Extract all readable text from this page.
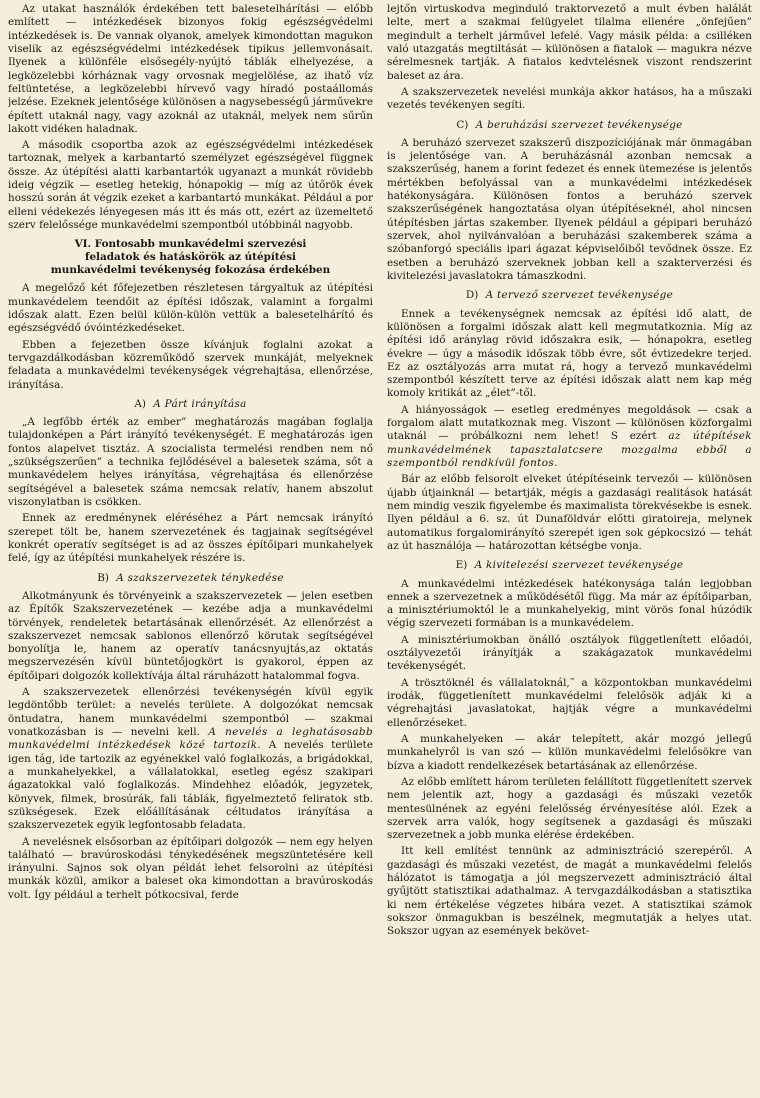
Az utakat használók érdekében tett balesetelhárítási — előbb említett — intézkedések bizonyos fokig egészségvédelmi intézkedések is. De vannak olyanok, amelyek kimondottan magukon viselik az egészségvédelmi intézkedések tipikus jellemvonásait. Ilyenek a különféle elsősegély-nyújtó táblák elhelyezése, a legközelebbi kórháznak vagy orvosnak megjelölése, az ihatő víz feltüntetése, a legközelebbi hírvevő vagy híradó postaállomás jelzése. Ezeknek jelentősége különösen a nagysebességű járművekre épített utaknál nagy, vagy azoknál az utaknál, melyek nem sűrűn lakott vidéken haladnak.

A második csoportba azok az egészségvédelmi intézkedések tartoznak, melyek a karbantartó személyzet egészségével függnek össze. Az útépítési alatti karbantartók ugyanazt a munkát rövidebb ideig végzik — esetleg hetekig, hónapokig — míg az útőrök évek hosszú során át végzik ezeket a karbantartó munkákat. Például a por elleni védekezés lényegesen más itt és más ott, ezért az üzemeltető szerv felelőssége munkavédelmi szempontból utóbbinál nagyobb.

VI. Fontosabb munkavédelmi szervezési
feladatok és hatáskörök az útépítési
munkavédelmi tevékenység fokozása érdekében

A megelőző két főfejezetben részletesen tárgyaltuk az útépítési munkavédelem teendőit az építési időszak, valamint a forgalmi időszak alatt. Ezen belül külön-külön vettük a balesetelhárító és egészségvédő óvóintézkedéseket.

Ebben a fejezetben össze kívánjuk foglalni azokat a tervgazdálkodásban közreműködő szervek munkáját, melyeknek feladata a munkavédelmi tevékenységek végrehajtása, ellenőrzése, irányítása.

A) A Párt irányítása

„A legfőbb érték az ember” meghatározás magában foglalja tulajdonképen a Párt irányító tevékenységét. E meghatározás igen fontos alapelvet tisztáz. A szocialista termelési rendben nem nő „szükségszerűen” a technika fejlődésével a balesetek száma, sőt a munkavédelem helyes irányítása, végrehajtása és ellenőrzése segítségével a balesetek száma nemcsak relatív, hanem abszolut viszonylatban is csökken.

Ennek az eredménynek eléréséhez a Párt nemcsak irányító szerepet tölt be, hanem szervezetének és tagjainak segítségével konkrét operatív segítséget is ad az összes építőipari munkahelyek felé, így az útépítési munkahelyek részére is.

B) A szakszervezetek ténykedése

Alkotmányunk és törvényeink a szakszervezetek — jelen esetben az Építők Szakszervezetének — kezébe adja a munkavédelmi törvények, rendeletek betartásának ellenőrzését. Az ellenőrzést a szakszervezet nemcsak sablonos ellenőrző körutak segítségével bonyolítja le, hanem az operatív tanácsnyujtás,az oktatás megszervezésén kívül büntetőjogkört is gyakorol, éppen az építőipari dolgozók kollektívája által ráruházott hatalommal fogva.

A szakszervezetek ellenőrzési tevékenységén kívül egyik legdöntőbb terület: a nevelés területe. A dolgozókat nemcsak öntudatra, hanem munkavédelmi szempontból — szakmai vonatkozásban is — nevelni kell. A nevelés a leghatásosabb munkavédelmi intézkedések közé tartozik. A nevelés területe igen tág, ide tartozik az egyénekkel való foglalkozás, a brigádokkal, a munkahelyekkel, a vállalatokkal, esetleg egész szakipari ágazatokkal való foglalkozás. Mindehhez előadók, jegyzetek, könyvek, filmek, brosúrák, fali táblák, figyelmeztető feliratok stb. szükségesek. Ezek előállításának céltudatos irányítása a szakszervezetek egyik legfontosabb feladata.

A nevelésnek elsősorban az építőipari dolgozók — nem egy helyen található — bravúroskodási ténykedésének megszüntetésére kell irányulni. Sajnos sok olyan példát lehet felsorolni az útépítési munkák közül, amikor a baleset oka kimondottan a bravúroskodás volt. Így például a terhelt pótkocsival, ferde

lejtőn virtuskodva meginduló traktorvezető a mult évben halálát lelte, mert a szakmai felügyelet tilalma ellenére „önfejűen” megindult a terhelt járművel lefelé. Vagy másik példa: a csilléken való utazgatás megtiltását — különösen a fiatalok — magukra nézve sérelmesnek tartják. A fiatalos kedvtelésnek viszont rendszerint baleset az ára.

A szakszervezetek nevelési munkája akkor hatásos, ha a műszaki vezetés tevékenyen segíti.

C) A beruházási szervezet tevékenysége

A beruházó szervezet szakszerű diszpozíciójának már önmagában is jelentősége van. A beruházásnál azonban nemcsak a szakszerűség, hanem a forint fedezet és ennek ütemezése is jelentős mértékben befolyással van a munkavédelmi intézkedések hatékonyságára. Különösen fontos a beruházó szervek szakszerűségének hangoztatása olyan útépítéseknél, ahol nincsen útépítésben jártas szakember. Ilyenek például a gépipari beruházó szervek, ahol nyilvánvalóan a beruházási szakemberek száma a szóbanforgó speciális ipari ágazat képviselőiből tevődnek össze. Ez esetben a beruházó szerveknek jobban kell a szakterverzési és kivitelezési javaslatokra támaszkodni.

D) A tervező szervezet tevékenysége

Ennek a tevékenységnek nemcsak az építési idő alatt, de különösen a forgalmi időszak alatt kell megmutatkoznia. Míg az építési idő aránylag rövid időszakra esik, — hónapokra, esetleg évekre — úgy a második időszak több évre, sőt évtizedekre terjed. Ez az osztályozás arra mutat rá, hogy a tervező munkavédelmi szempontból készített terve az építési időszak alatt nem kap még komoly kritikát az „élet”-től.

A hiányosságok — esetleg eredményes megoldások — csak a forgalom alatt mutatkoznak meg. Viszont — különösen közforgalmi utaknál — próbálkozni nem lehet! S ezért az útépítések munkavédelmének tapasztalatcsere mozgalma ebből a szempontból rendkívül fontos.

Bár az előbb felsorolt elveket útépítéseink tervezői — különösen újabb útjainknál — betartják, mégis a gazdasági realitások hatását nem mindig veszik figyelembe és maximalista törekvésekbe is esnek. Ilyen például a 6. sz. út Dunaföldvár előtti giratoireja, melynek automatikus forgalomirányító szerepét igen sok gépkocsizó — tehát az út használója — határozottan kétségbe vonja.

E) A kivitelezési szervezet tevékenysége

A munkavédelmi intézkedések hatékonysága talán legjobban ennek a szervezetnek a működésétől függ. Ma már az építőiparban, a minisztériumoktól le a munkahelyekig, mint vörös fonal húzódik végig szervezeti formában is a munkavédelem.

A minisztériumokban önálló osztályok függetlenített előadói, osztályvezetői irányítják a szakágazatok munkavédelmi tevékenységét.

A trösztöknél és vállalatoknál,˜ a központokban munkavédelmi irodák, függetlenített munkavédelmi felelősök adják ki a végrehajtási javaslatokat, hajtják végre a munkavédelmi ellenőrzéseket.

A munkahelyeken — akár telepített, akár mozgó jellegű munkahelyről is van szó — külön munkavédelmi felelősökre van bízva a kiadott rendelkezések betartásának az ellenőrzése.

Az előbb említett három területen felállított függetlenített szervek nem jelentik azt, hogy a gazdasági és műszaki vezetők mentesülnének az egyéni felelősség érvényesítése alól. Ezek a szervek arra valók, hogy segítsenek a gazdasági és műszaki szervezetnek a jobb munka elérése érdekében.

Itt kell említést tennünk az adminisztráció szerepéről. A gazdasági és műszaki vezetést, de magát a munkavédelmi felelős hálózatot is támogatja a jól megszervezett adminisztráció által gyűjtött statisztikai adathalmaz. A tervgazdálkodásban a statisztika ki nem értékelése végzetes hibára vezet. A statisztikai számok sokszor önmagukban is beszélnek, megmutatják a helyes utat. Sokszor ugyan az események bekövet-
